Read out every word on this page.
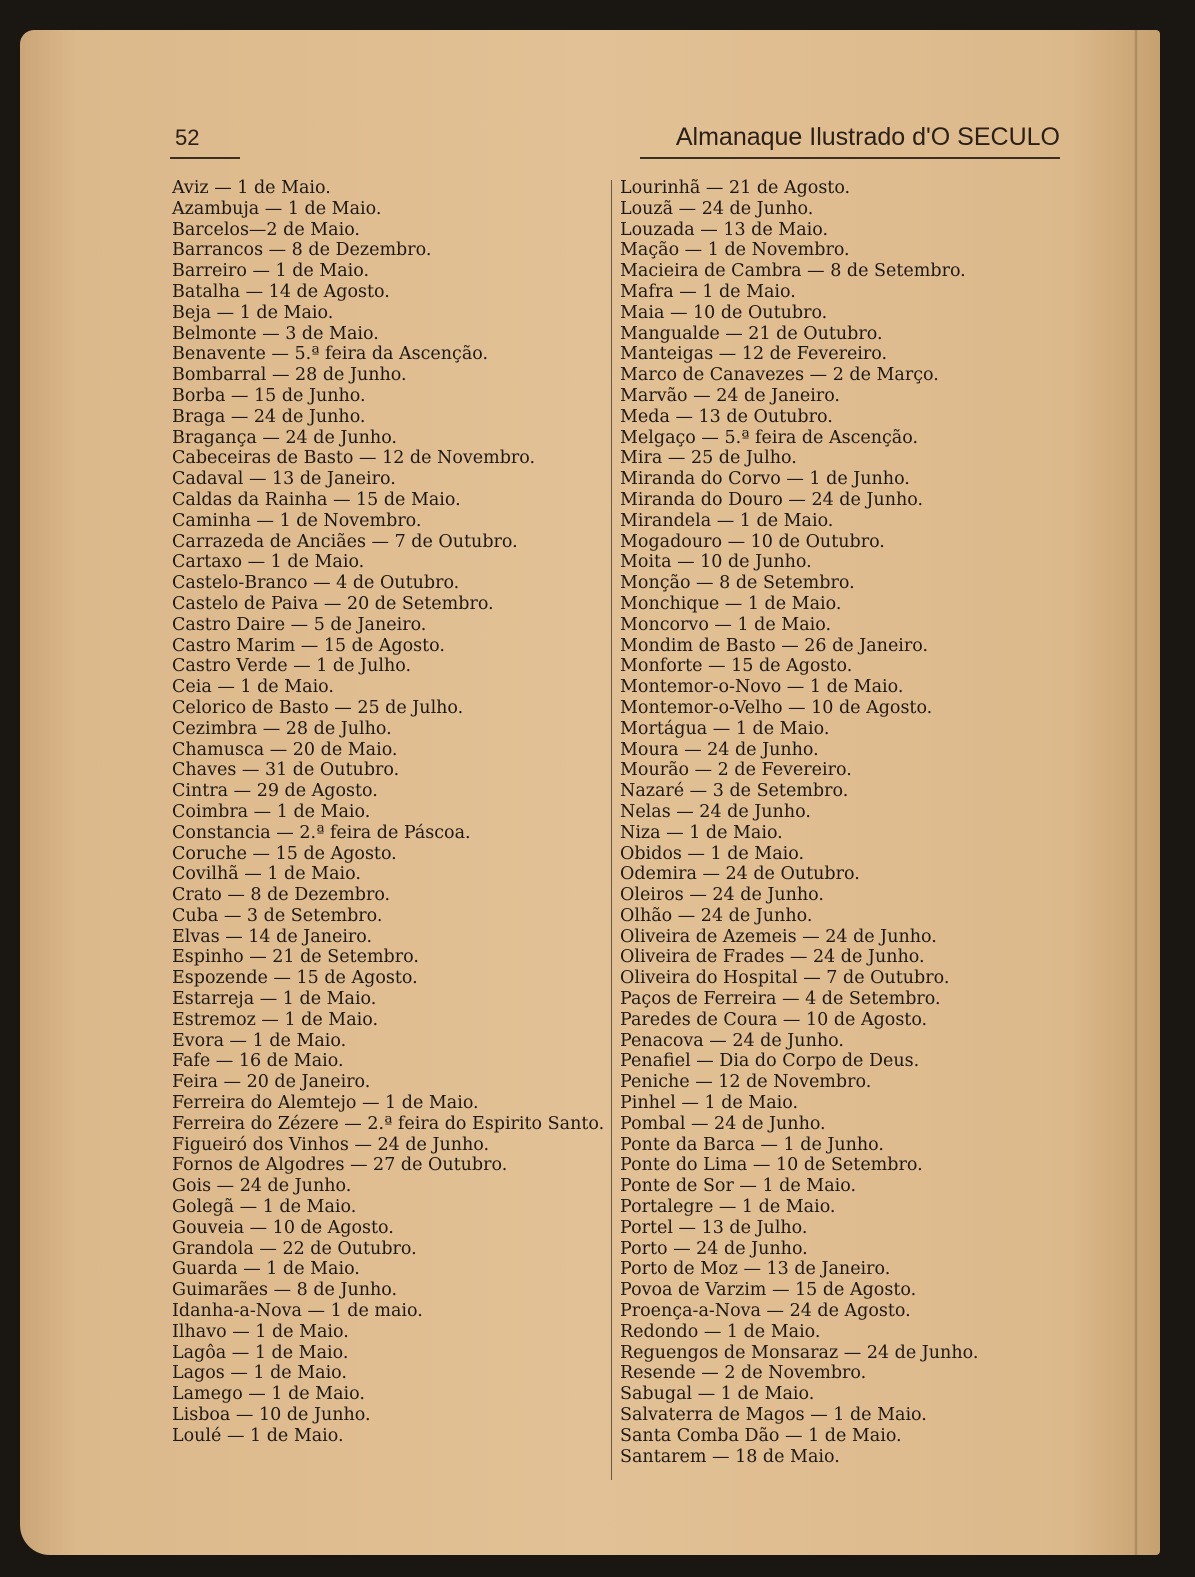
52	Almanaque Ilustrado d'O SECULO
Aviz — 1 de Maio.
Azambuja — 1 de Maio.
Barcelos—2 de Maio.
Barrancos — 8 de Dezembro.
Barreiro — 1 de Maio.
Batalha — 14 de Agosto.
Beja — 1 de Maio.
Belmonte — 3 de Maio.
Benavente — 5.ª feira da Ascenção.
Bombarral — 28 de Junho.
Borba — 15 de Junho.
Braga — 24 de Junho.
Bragança — 24 de Junho.
Cabeceiras de Basto — 12 de Novembro.
Cadaval — 13 de Janeiro.
Caldas da Rainha — 15 de Maio.
Caminha — 1 de Novembro.
Carrazeda de Anciães — 7 de Outubro.
Cartaxo — 1 de Maio.
Castelo-Branco — 4 de Outubro.
Castelo de Paiva — 20 de Setembro.
Castro Daire — 5 de Janeiro.
Castro Marim — 15 de Agosto.
Castro Verde — 1 de Julho.
Ceia — 1 de Maio.
Celorico de Basto — 25 de Julho.
Cezimbra — 28 de Julho.
Chamusca — 20 de Maio.
Chaves — 31 de Outubro.
Cintra — 29 de Agosto.
Coimbra — 1 de Maio.
Constancia — 2.ª feira de Páscoa.
Coruche — 15 de Agosto.
Covilhã — 1 de Maio.
Crato — 8 de Dezembro.
Cuba — 3 de Setembro.
Elvas — 14 de Janeiro.
Espinho — 21 de Setembro.
Espozende — 15 de Agosto.
Estarreja — 1 de Maio.
Estremoz — 1 de Maio.
Evora — 1 de Maio.
Fafe — 16 de Maio.
Feira — 20 de Janeiro.
Ferreira do Alemtejo — 1 de Maio.
Ferreira do Zézere — 2.ª feira do Espirito Santo.
Figueiró dos Vinhos — 24 de Junho.
Fornos de Algodres — 27 de Outubro.
Gois — 24 de Junho.
Golegã — 1 de Maio.
Gouveia — 10 de Agosto.
Grandola — 22 de Outubro.
Guarda — 1 de Maio.
Guimarães — 8 de Junho.
Idanha-a-Nova — 1 de maio.
Ilhavo — 1 de Maio.
Lagôa — 1 de Maio.
Lagos — 1 de Maio.
Lamego — 1 de Maio.
Lisboa — 10 de Junho.
Loulé — 1 de Maio.
Lourinhã — 21 de Agosto.
Louzã — 24 de Junho.
Louzada — 13 de Maio.
Mação — 1 de Novembro.
Macieira de Cambra — 8 de Setembro.
Mafra — 1 de Maio.
Maia — 10 de Outubro.
Mangualde — 21 de Outubro.
Manteigas — 12 de Fevereiro.
Marco de Canavezes — 2 de Março.
Marvão — 24 de Janeiro.
Meda — 13 de Outubro.
Melgaço — 5.ª feira de Ascenção.
Mira — 25 de Julho.
Miranda do Corvo — 1 de Junho.
Miranda do Douro — 24 de Junho.
Mirandela — 1 de Maio.
Mogadouro — 10 de Outubro.
Moita — 10 de Junho.
Monção — 8 de Setembro.
Monchique — 1 de Maio.
Moncorvo — 1 de Maio.
Mondim de Basto — 26 de Janeiro.
Monforte — 15 de Agosto.
Montemor-o-Novo — 1 de Maio.
Montemor-o-Velho — 10 de Agosto.
Mortágua — 1 de Maio.
Moura — 24 de Junho.
Mourão — 2 de Fevereiro.
Nazaré — 3 de Setembro.
Nelas — 24 de Junho.
Niza — 1 de Maio.
Obidos — 1 de Maio.
Odemira — 24 de Outubro.
Oleiros — 24 de Junho.
Olhão — 24 de Junho.
Oliveira de Azemeis — 24 de Junho.
Oliveira de Frades — 24 de Junho.
Oliveira do Hospital — 7 de Outubro.
Paços de Ferreira — 4 de Setembro.
Paredes de Coura — 10 de Agosto.
Penacova — 24 de Junho.
Penafiel — Dia do Corpo de Deus.
Peniche — 12 de Novembro.
Pinhel — 1 de Maio.
Pombal — 24 de Junho.
Ponte da Barca — 1 de Junho.
Ponte do Lima — 10 de Setembro.
Ponte de Sor — 1 de Maio.
Portalegre — 1 de Maio.
Portel — 13 de Julho.
Porto — 24 de Junho.
Porto de Moz — 13 de Janeiro.
Povoa de Varzim — 15 de Agosto.
Proença-a-Nova — 24 de Agosto.
Redondo — 1 de Maio.
Reguengos de Monsaraz — 24 de Junho.
Resende — 2 de Novembro.
Sabugal — 1 de Maio.
Salvaterra de Magos — 1 de Maio.
Santa Comba Dão — 1 de Maio.
Santarem — 18 de Maio.
